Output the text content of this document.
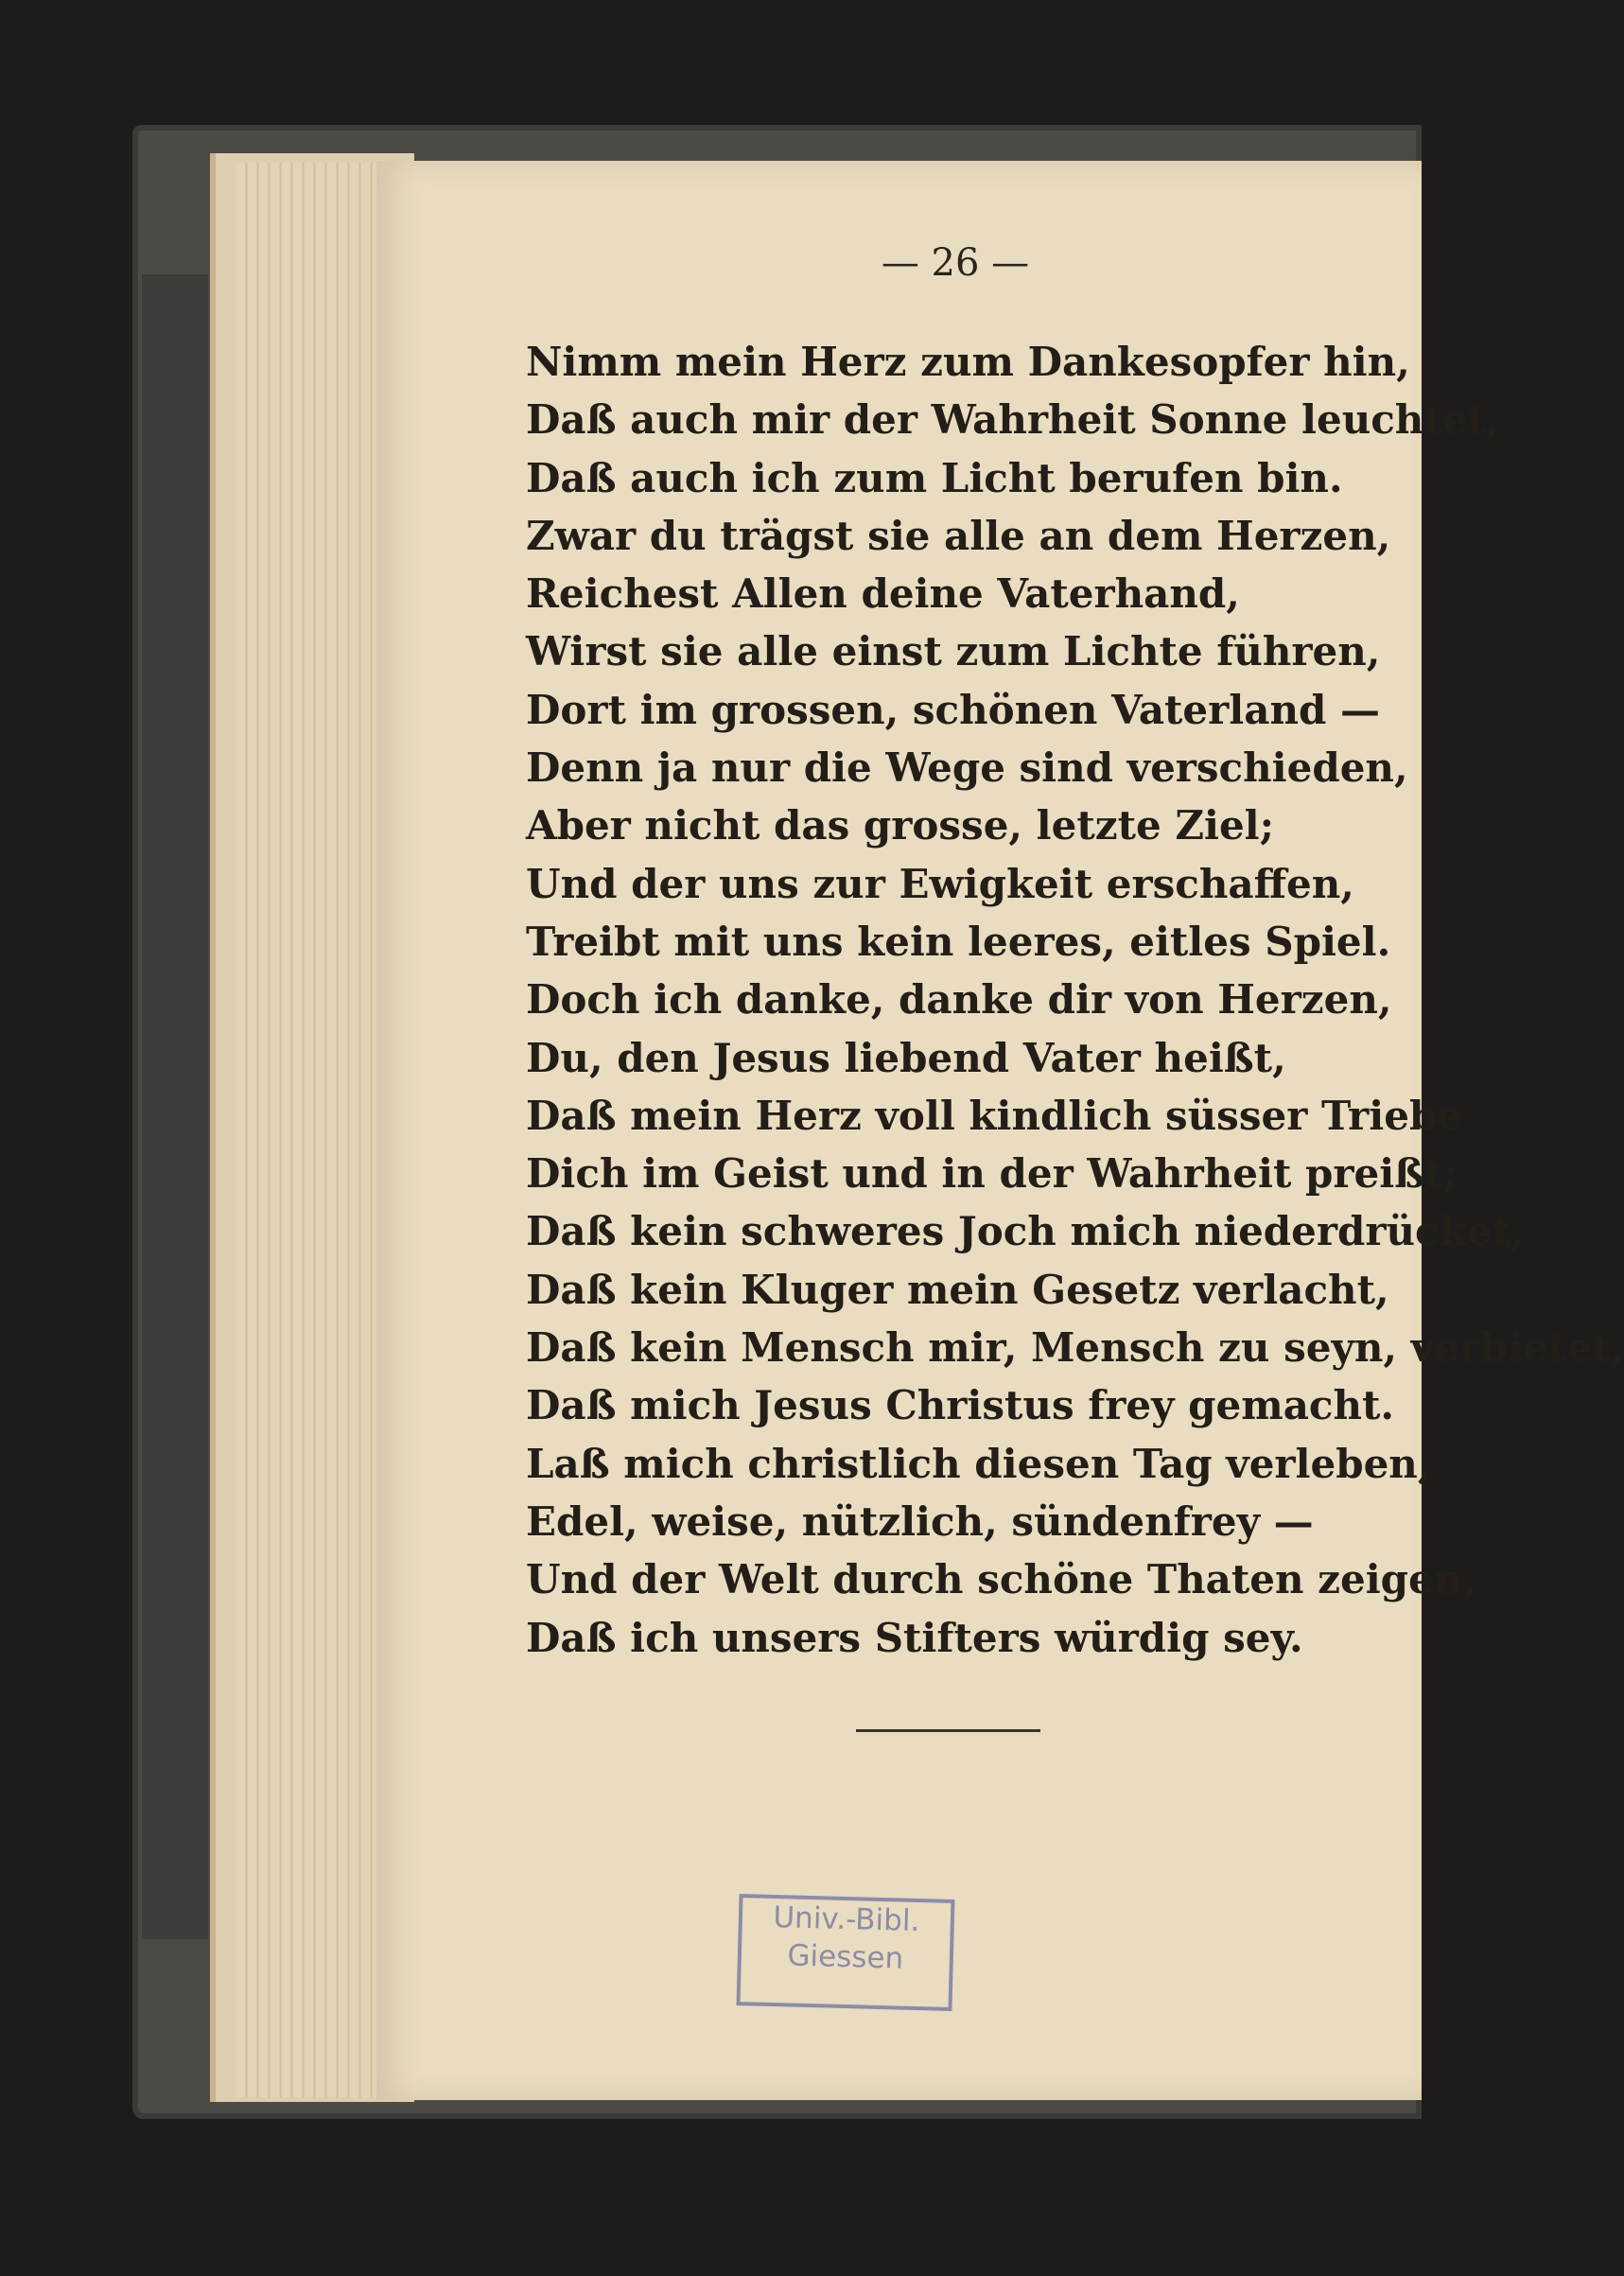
— 26 —
Nimm mein Herz zum Dankesopfer hin,
Daß auch mir der Wahrheit Sonne leuchtet,
Daß auch ich zum Licht berufen bin.
Zwar du trägst sie alle an dem Herzen,
Reichest Allen deine Vaterhand,
Wirst sie alle einst zum Lichte führen,
Dort im grossen, schönen Vaterland —
Denn ja nur die Wege sind verschieden,
Aber nicht das grosse, letzte Ziel;
Und der uns zur Ewigkeit erschaffen,
Treibt mit uns kein leeres, eitles Spiel.
Doch ich danke, danke dir von Herzen,
Du, den Jesus liebend Vater heißt,
Daß mein Herz voll kindlich süsser Triebe
Dich im Geist und in der Wahrheit preißt;
Daß kein schweres Joch mich niederdrücket,
Daß kein Kluger mein Gesetz verlacht,
Daß kein Mensch mir, Mensch zu seyn, verbietet,
Daß mich Jesus Christus frey gemacht.
Laß mich christlich diesen Tag verleben,
Edel, weise, nützlich, sündenfrey —
Und der Welt durch schöne Thaten zeigen,
Daß ich unsers Stifters würdig sey.
Univ.-Bibl.
Giessen
